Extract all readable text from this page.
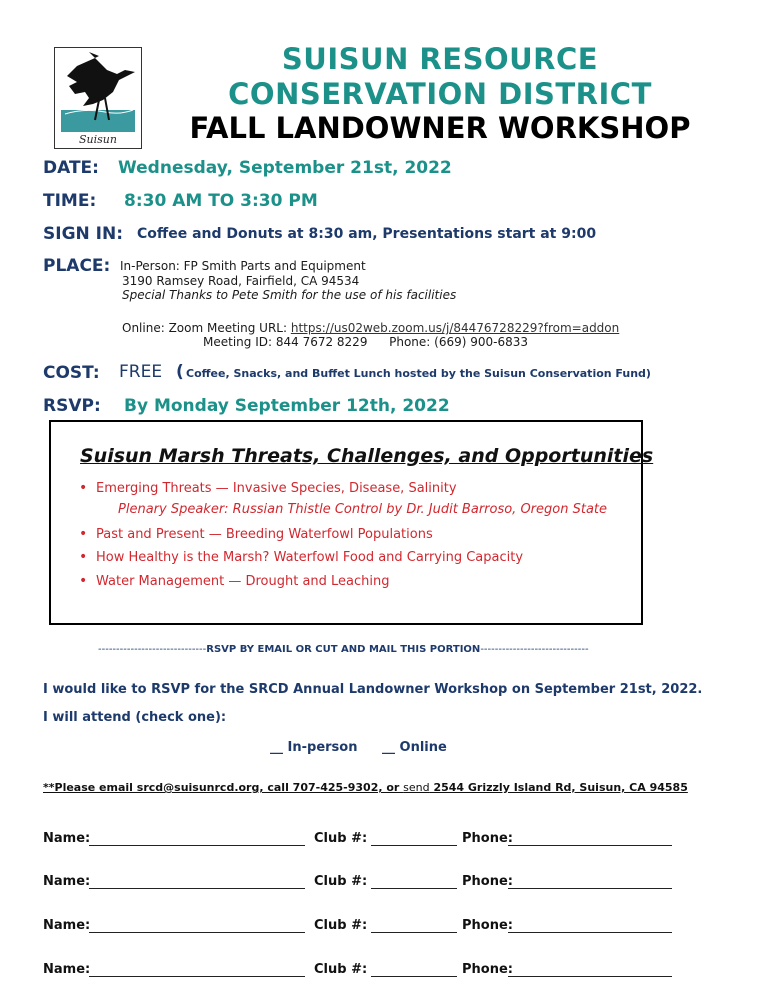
Suisun
SUISUN RESOURCE
CONSERVATION DISTRICT
FALL LANDOWNER WORKSHOP
DATE: Wednesday, September 21st, 2022
TIME: 8:30 AM TO 3:30 PM
SIGN IN: Coffee and Donuts at 8:30 am, Presentations start at 9:00
PLACE: In-Person: FP Smith Parts and Equipment
3190 Ramsey Road, Fairfield, CA 94534
Special Thanks to Pete Smith for the use of his facilities
Online: Zoom Meeting URL: https://us02web.zoom.us/j/84476728229?from=addon
Meeting ID: 844 7672 8229 Phone: (669) 900-6833
COST: FREE ( Coffee, Snacks, and Buffet Lunch hosted by the Suisun Conservation Fund)
RSVP: By Monday September 12th, 2022
Suisun Marsh Threats, Challenges, and Opportunities
• Emerging Threats — Invasive Species, Disease, Salinity
Plenary Speaker: Russian Thistle Control by Dr. Judit Barroso, Oregon State
• Past and Present — Breeding Waterfowl Populations
• How Healthy is the Marsh? Waterfowl Food and Carrying Capacity
• Water Management — Drought and Leaching
------------------------------RSVP BY EMAIL OR CUT AND MAIL THIS PORTION------------------------------
I would like to RSVP for the SRCD Annual Landowner Workshop on September 21st, 2022.
I will attend (check one):
__ In-person __ Online
**Please email srcd@suisunrcd.org, call 707-425-9302, or send 2544 Grizzly Island Rd, Suisun, CA 94585
Name:	Club #:	Phone:
Name:	Club #:	Phone:
Name:	Club #:	Phone:
Name:	Club #:	Phone:
